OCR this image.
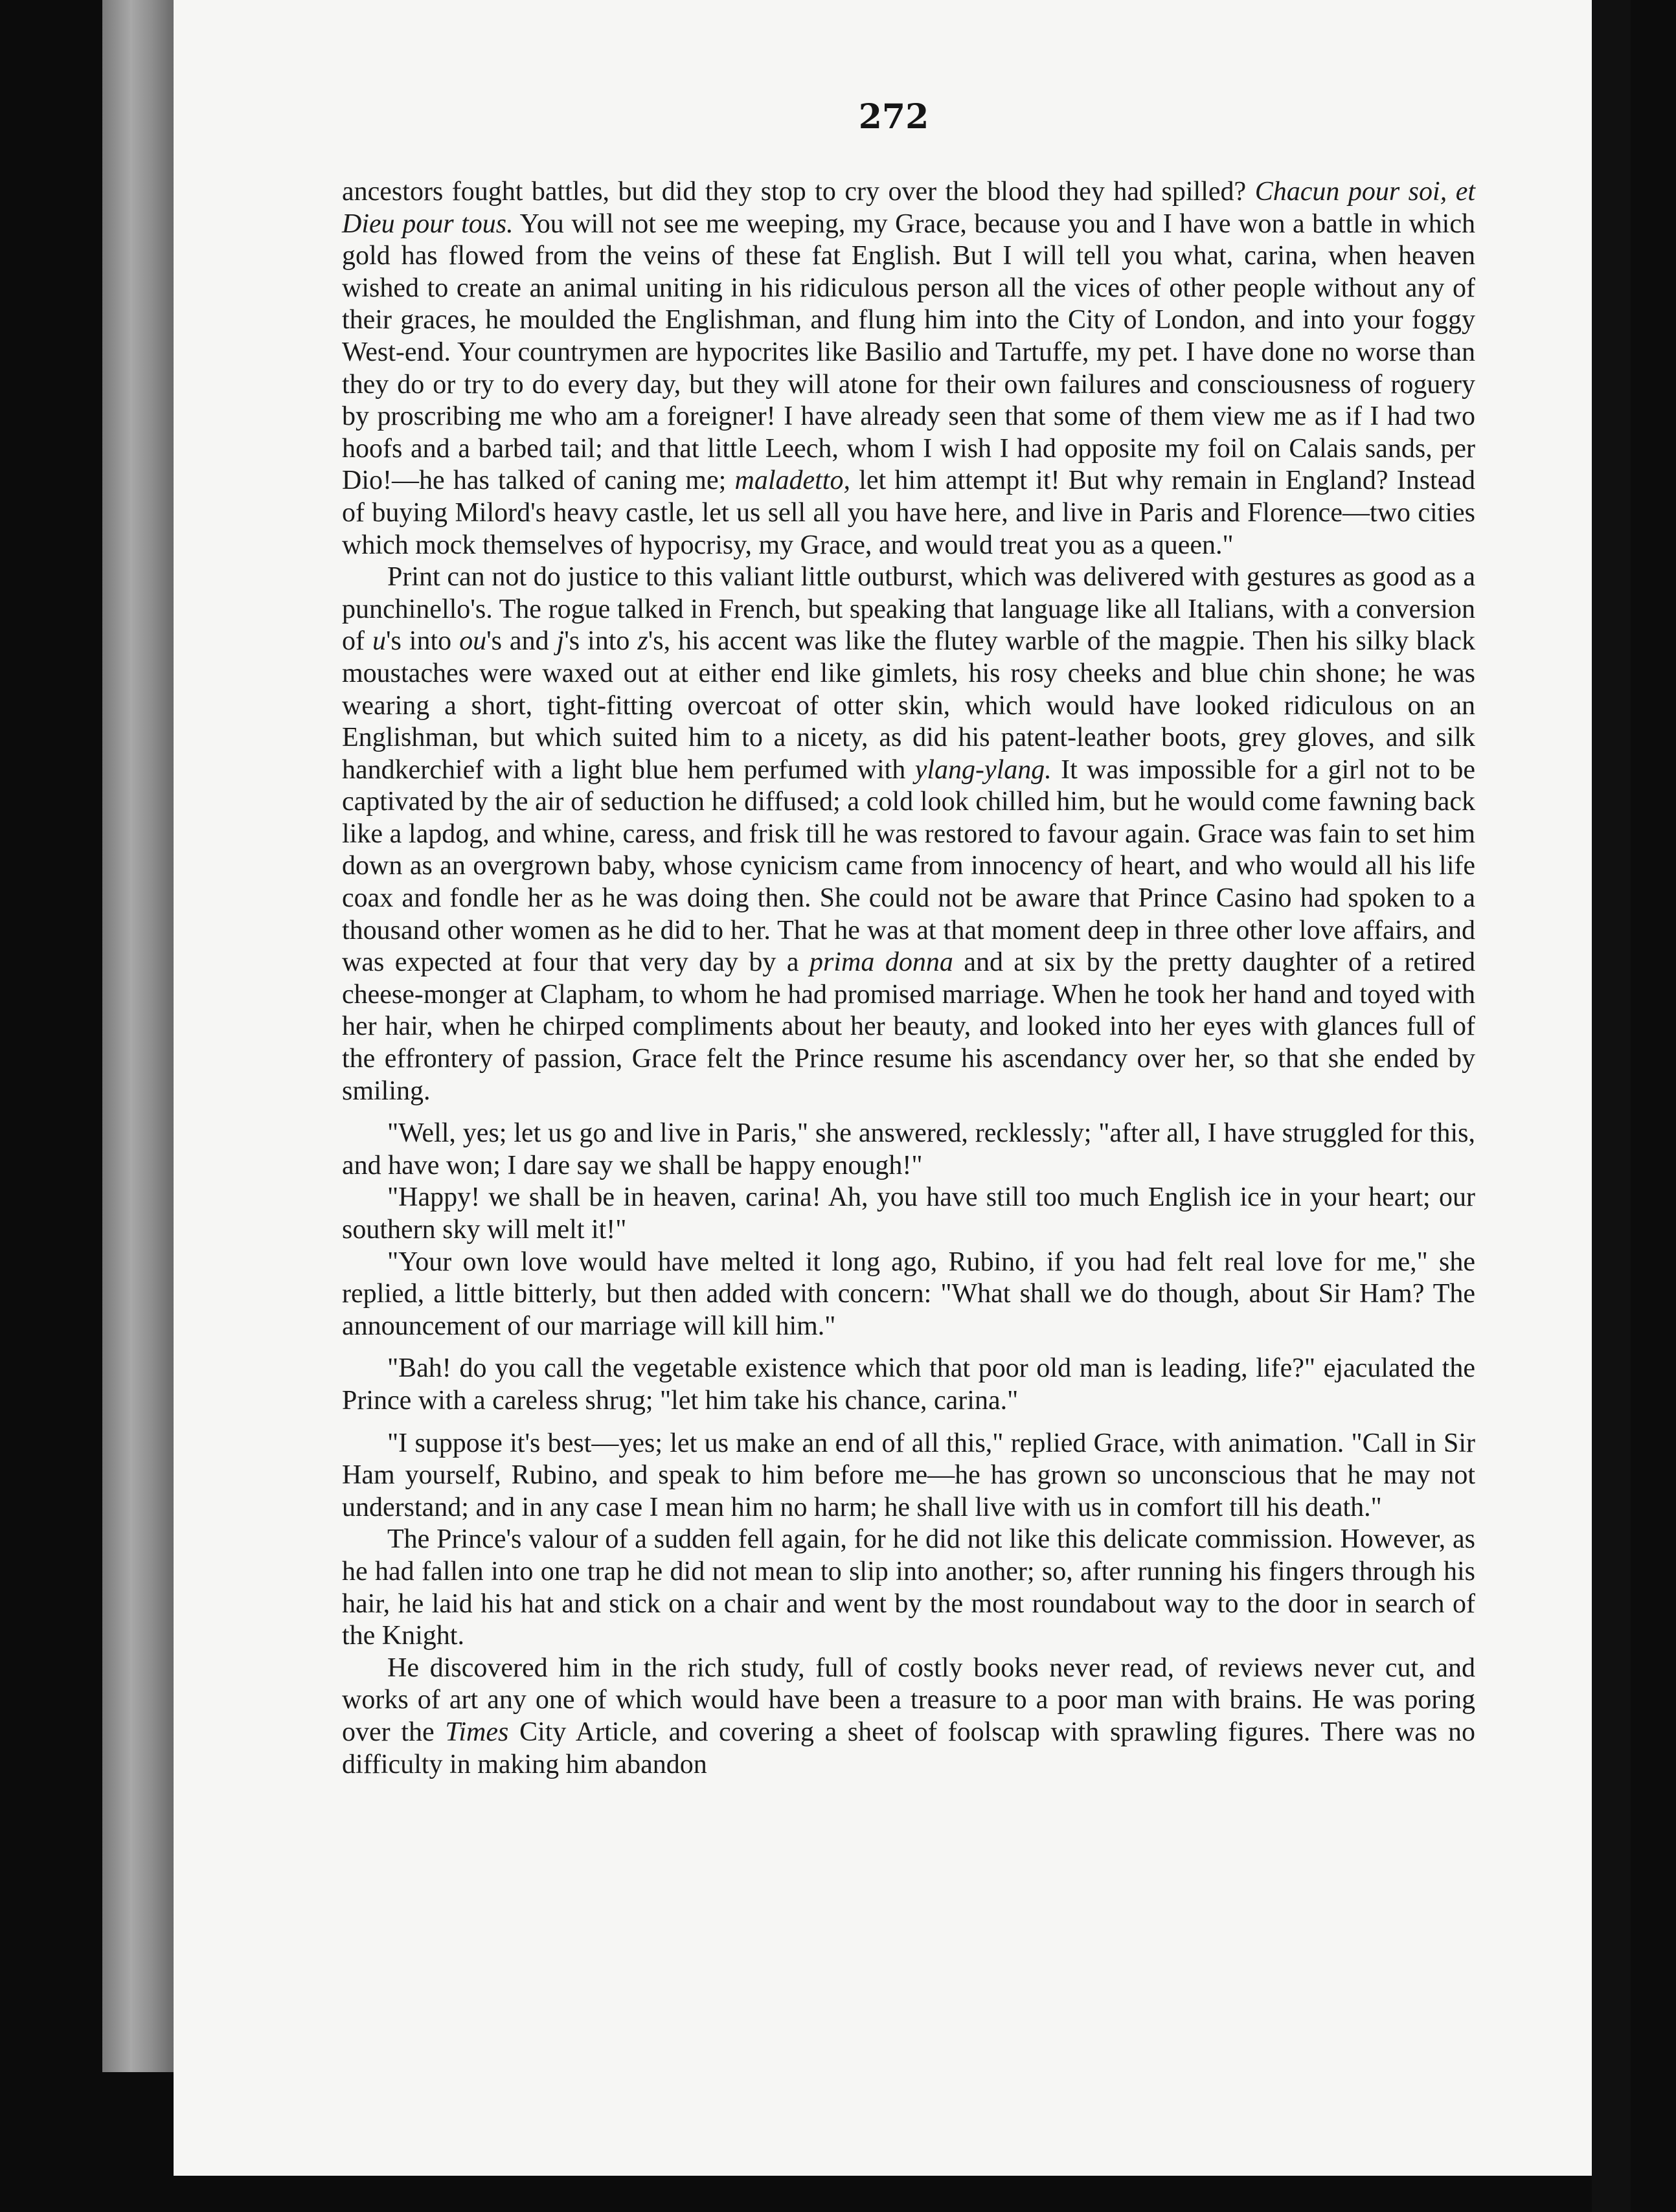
272

ancestors fought battles, but did they stop to cry over the blood they had spilled? Chacun pour soi, et Dieu pour tous. You will not see me weeping, my Grace, because you and I have won a battle in which gold has flowed from the veins of these fat English. But I will tell you what, carina, when heaven wished to create an animal uniting in his ridiculous person all the vices of other people without any of their graces, he moulded the Englishman, and flung him into the City of London, and into your foggy West-end. Your countrymen are hypocrites like Basilio and Tartuffe, my pet. I have done no worse than they do or try to do every day, but they will atone for their own failures and consciousness of roguery by proscribing me who am a foreigner! I have already seen that some of them view me as if I had two hoofs and a barbed tail; and that little Leech, whom I wish I had opposite my foil on Calais sands, per Dio!—he has talked of caning me; maladetto, let him attempt it! But why remain in England? Instead of buying Milord's heavy castle, let us sell all you have here, and live in Paris and Florence—two cities which mock themselves of hypocrisy, my Grace, and would treat you as a queen."

Print can not do justice to this valiant little outburst, which was delivered with gestures as good as a punchinello's. The rogue talked in French, but speaking that language like all Italians, with a conversion of u's into ou's and j's into z's, his accent was like the flutey warble of the magpie. Then his silky black moustaches were waxed out at either end like gimlets, his rosy cheeks and blue chin shone; he was wearing a short, tight-fitting overcoat of otter skin, which would have looked ridiculous on an Englishman, but which suited him to a nicety, as did his patent-leather boots, grey gloves, and silk handkerchief with a light blue hem perfumed with ylang-ylang. It was impossible for a girl not to be captivated by the air of seduction he diffused; a cold look chilled him, but he would come fawning back like a lapdog, and whine, caress, and frisk till he was restored to favour again. Grace was fain to set him down as an overgrown baby, whose cynicism came from innocency of heart, and who would all his life coax and fondle her as he was doing then. She could not be aware that Prince Casino had spoken to a thousand other women as he did to her. That he was at that moment deep in three other love affairs, and was expected at four that very day by a prima donna and at six by the pretty daughter of a retired cheese-monger at Clapham, to whom he had promised marriage. When he took her hand and toyed with her hair, when he chirped compliments about her beauty, and looked into her eyes with glances full of the effrontery of passion, Grace felt the Prince resume his ascendancy over her, so that she ended by smiling.

"Well, yes; let us go and live in Paris," she answered, recklessly; "after all, I have struggled for this, and have won; I dare say we shall be happy enough!"

"Happy! we shall be in heaven, carina! Ah, you have still too much English ice in your heart; our southern sky will melt it!"

"Your own love would have melted it long ago, Rubino, if you had felt real love for me," she replied, a little bitterly, but then added with concern: "What shall we do though, about Sir Ham? The announcement of our marriage will kill him."

"Bah! do you call the vegetable existence which that poor old man is leading, life?" ejaculated the Prince with a careless shrug; "let him take his chance, carina."

"I suppose it's best—yes; let us make an end of all this," replied Grace, with animation. "Call in Sir Ham yourself, Rubino, and speak to him before me—he has grown so unconscious that he may not understand; and in any case I mean him no harm; he shall live with us in comfort till his death."

The Prince's valour of a sudden fell again, for he did not like this delicate commission. However, as he had fallen into one trap he did not mean to slip into another; so, after running his fingers through his hair, he laid his hat and stick on a chair and went by the most roundabout way to the door in search of the Knight.

He discovered him in the rich study, full of costly books never read, of reviews never cut, and works of art any one of which would have been a treasure to a poor man with brains. He was poring over the Times City Article, and covering a sheet of foolscap with sprawling figures. There was no difficulty in making him abandon
